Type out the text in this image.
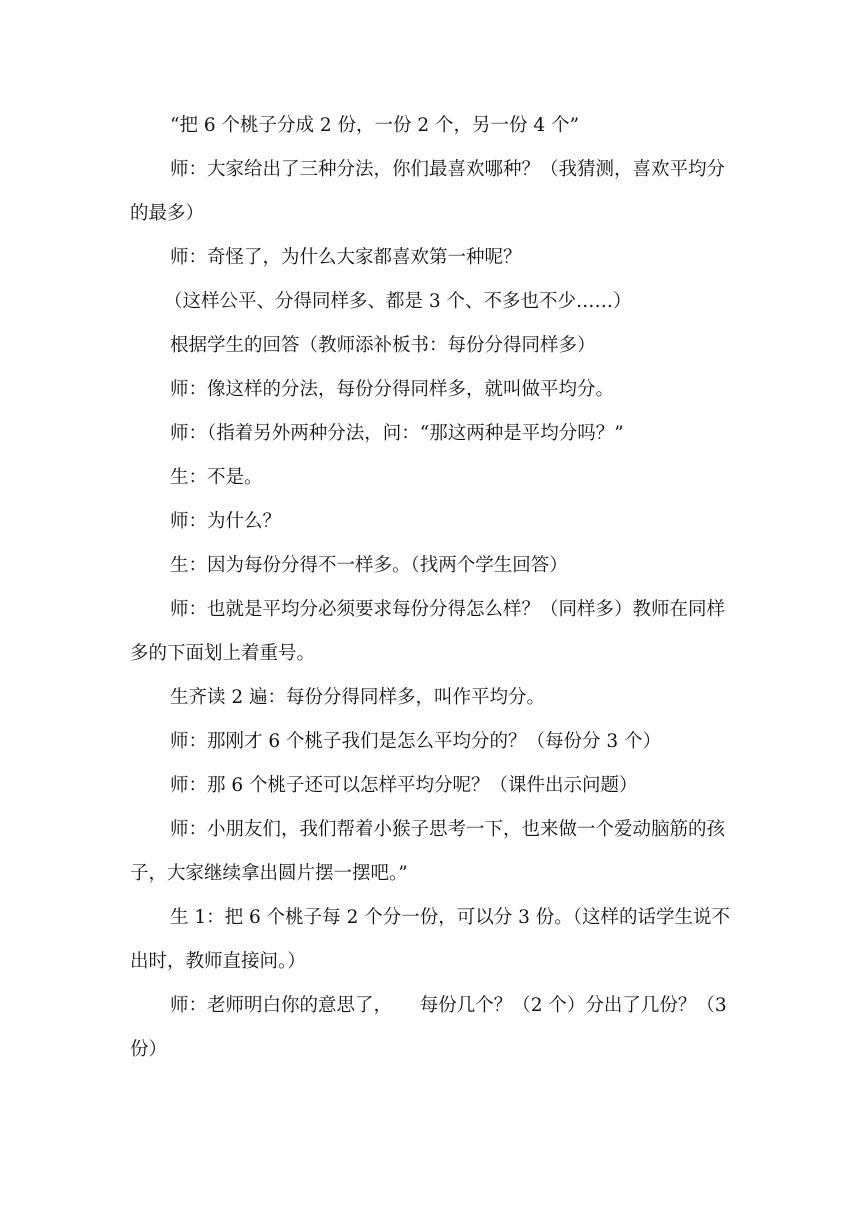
“把 6 个桃子分成 2 份，一份 2 个，另一份 4 个”

师：大家给出了三种分法，你们最喜欢哪种？（我猜测，喜欢平均分的最多）

师：奇怪了，为什么大家都喜欢第一种呢？

（这样公平、分得同样多、都是 3 个、不多也不少……）

根据学生的回答（教师添补板书：每份分得同样多）

师：像这样的分法，每份分得同样多，就叫做平均分。

师：（指着另外两种分法，问：“那这两种是平均分吗？”

生：不是。

师：为什么？

生：因为每份分得不一样多。（找两个学生回答）

师：也就是平均分必须要求每份分得怎么样？（同样多）教师在同样多的下面划上着重号。

生齐读 2 遍：每份分得同样多，叫作平均分。

师：那刚才 6 个桃子我们是怎么平均分的？（每份分 3 个）

师：那 6 个桃子还可以怎样平均分呢？（课件出示问题）

师：小朋友们，我们帮着小猴子思考一下，也来做一个爱动脑筋的孩子，大家继续拿出圆片摆一摆吧。”

生 1：把 6 个桃子每 2 个分一份，可以分 3 份。（这样的话学生说不出时，教师直接问。）

师：老师明白你的意思了，　　每份几个？（2 个）分出了几份？（3 份）
